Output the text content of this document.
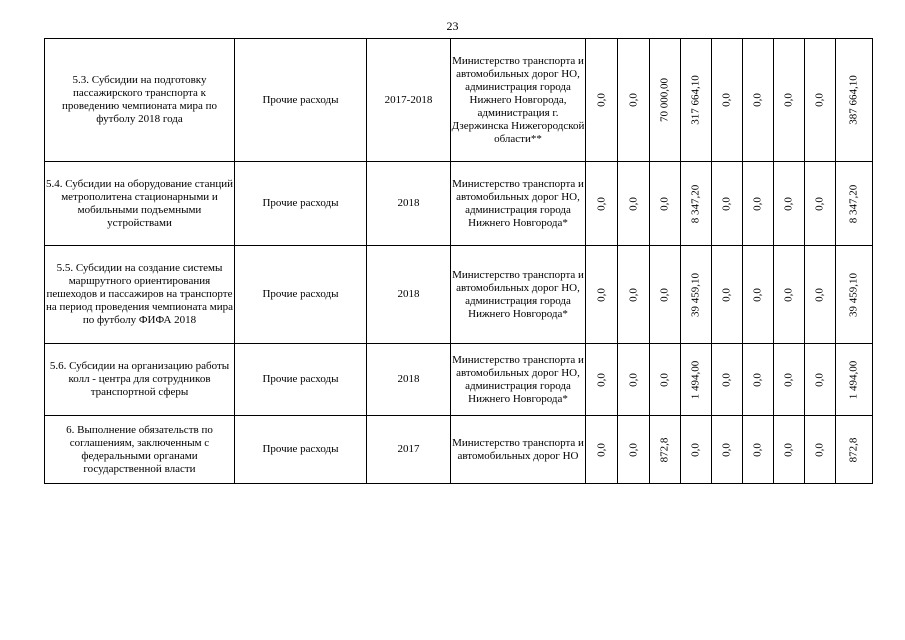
23
5.3. Субсидии на подготовку пассажирского транспорта к проведению чемпионата мира по футболу 2018 года	Прочие расходы	2017-2018	Министерство транспорта и автомобильных дорог НО, администрация города Нижнего Новгорода, администрация г. Дзержинска Нижегородской области**	0,0	0,0	70 000,00	317 664,10	0,0	0,0	0,0	0,0	387 664,10

5.4. Субсидии на оборудование станций метрополитена стационарными и мобильными подъемными устройствами	Прочие расходы	2018	Министерство транспорта и автомобильных дорог НО, администрация города Нижнего Новгорода*	0,0	0,0	0,0	8 347,20	0,0	0,0	0,0	0,0	8 347,20

5.5. Субсидии на создание системы маршрутного ориентирования пешеходов и пассажиров на транспорте на период проведения чемпионата мира по футболу ФИФА 2018	Прочие расходы	2018	Министерство транспорта и автомобильных дорог НО, администрация города Нижнего Новгорода*	0,0	0,0	0,0	39 459,10	0,0	0,0	0,0	0,0	39 459,10

5.6. Субсидии на организацию работы колл - центра для сотрудников транспортной сферы	Прочие расходы	2018	Министерство транспорта и автомобильных дорог НО, администрация города Нижнего Новгорода*	0,0	0,0	0,0	1 494,00	0,0	0,0	0,0	0,0	1 494,00

6. Выполнение обязательств по соглашениям, заключенным с федеральными органами государственной власти	Прочие расходы	2017	Министерство транспорта и автомобильных дорог НО	0,0	0,0	872,8	0,0	0,0	0,0	0,0	0,0	872,8
